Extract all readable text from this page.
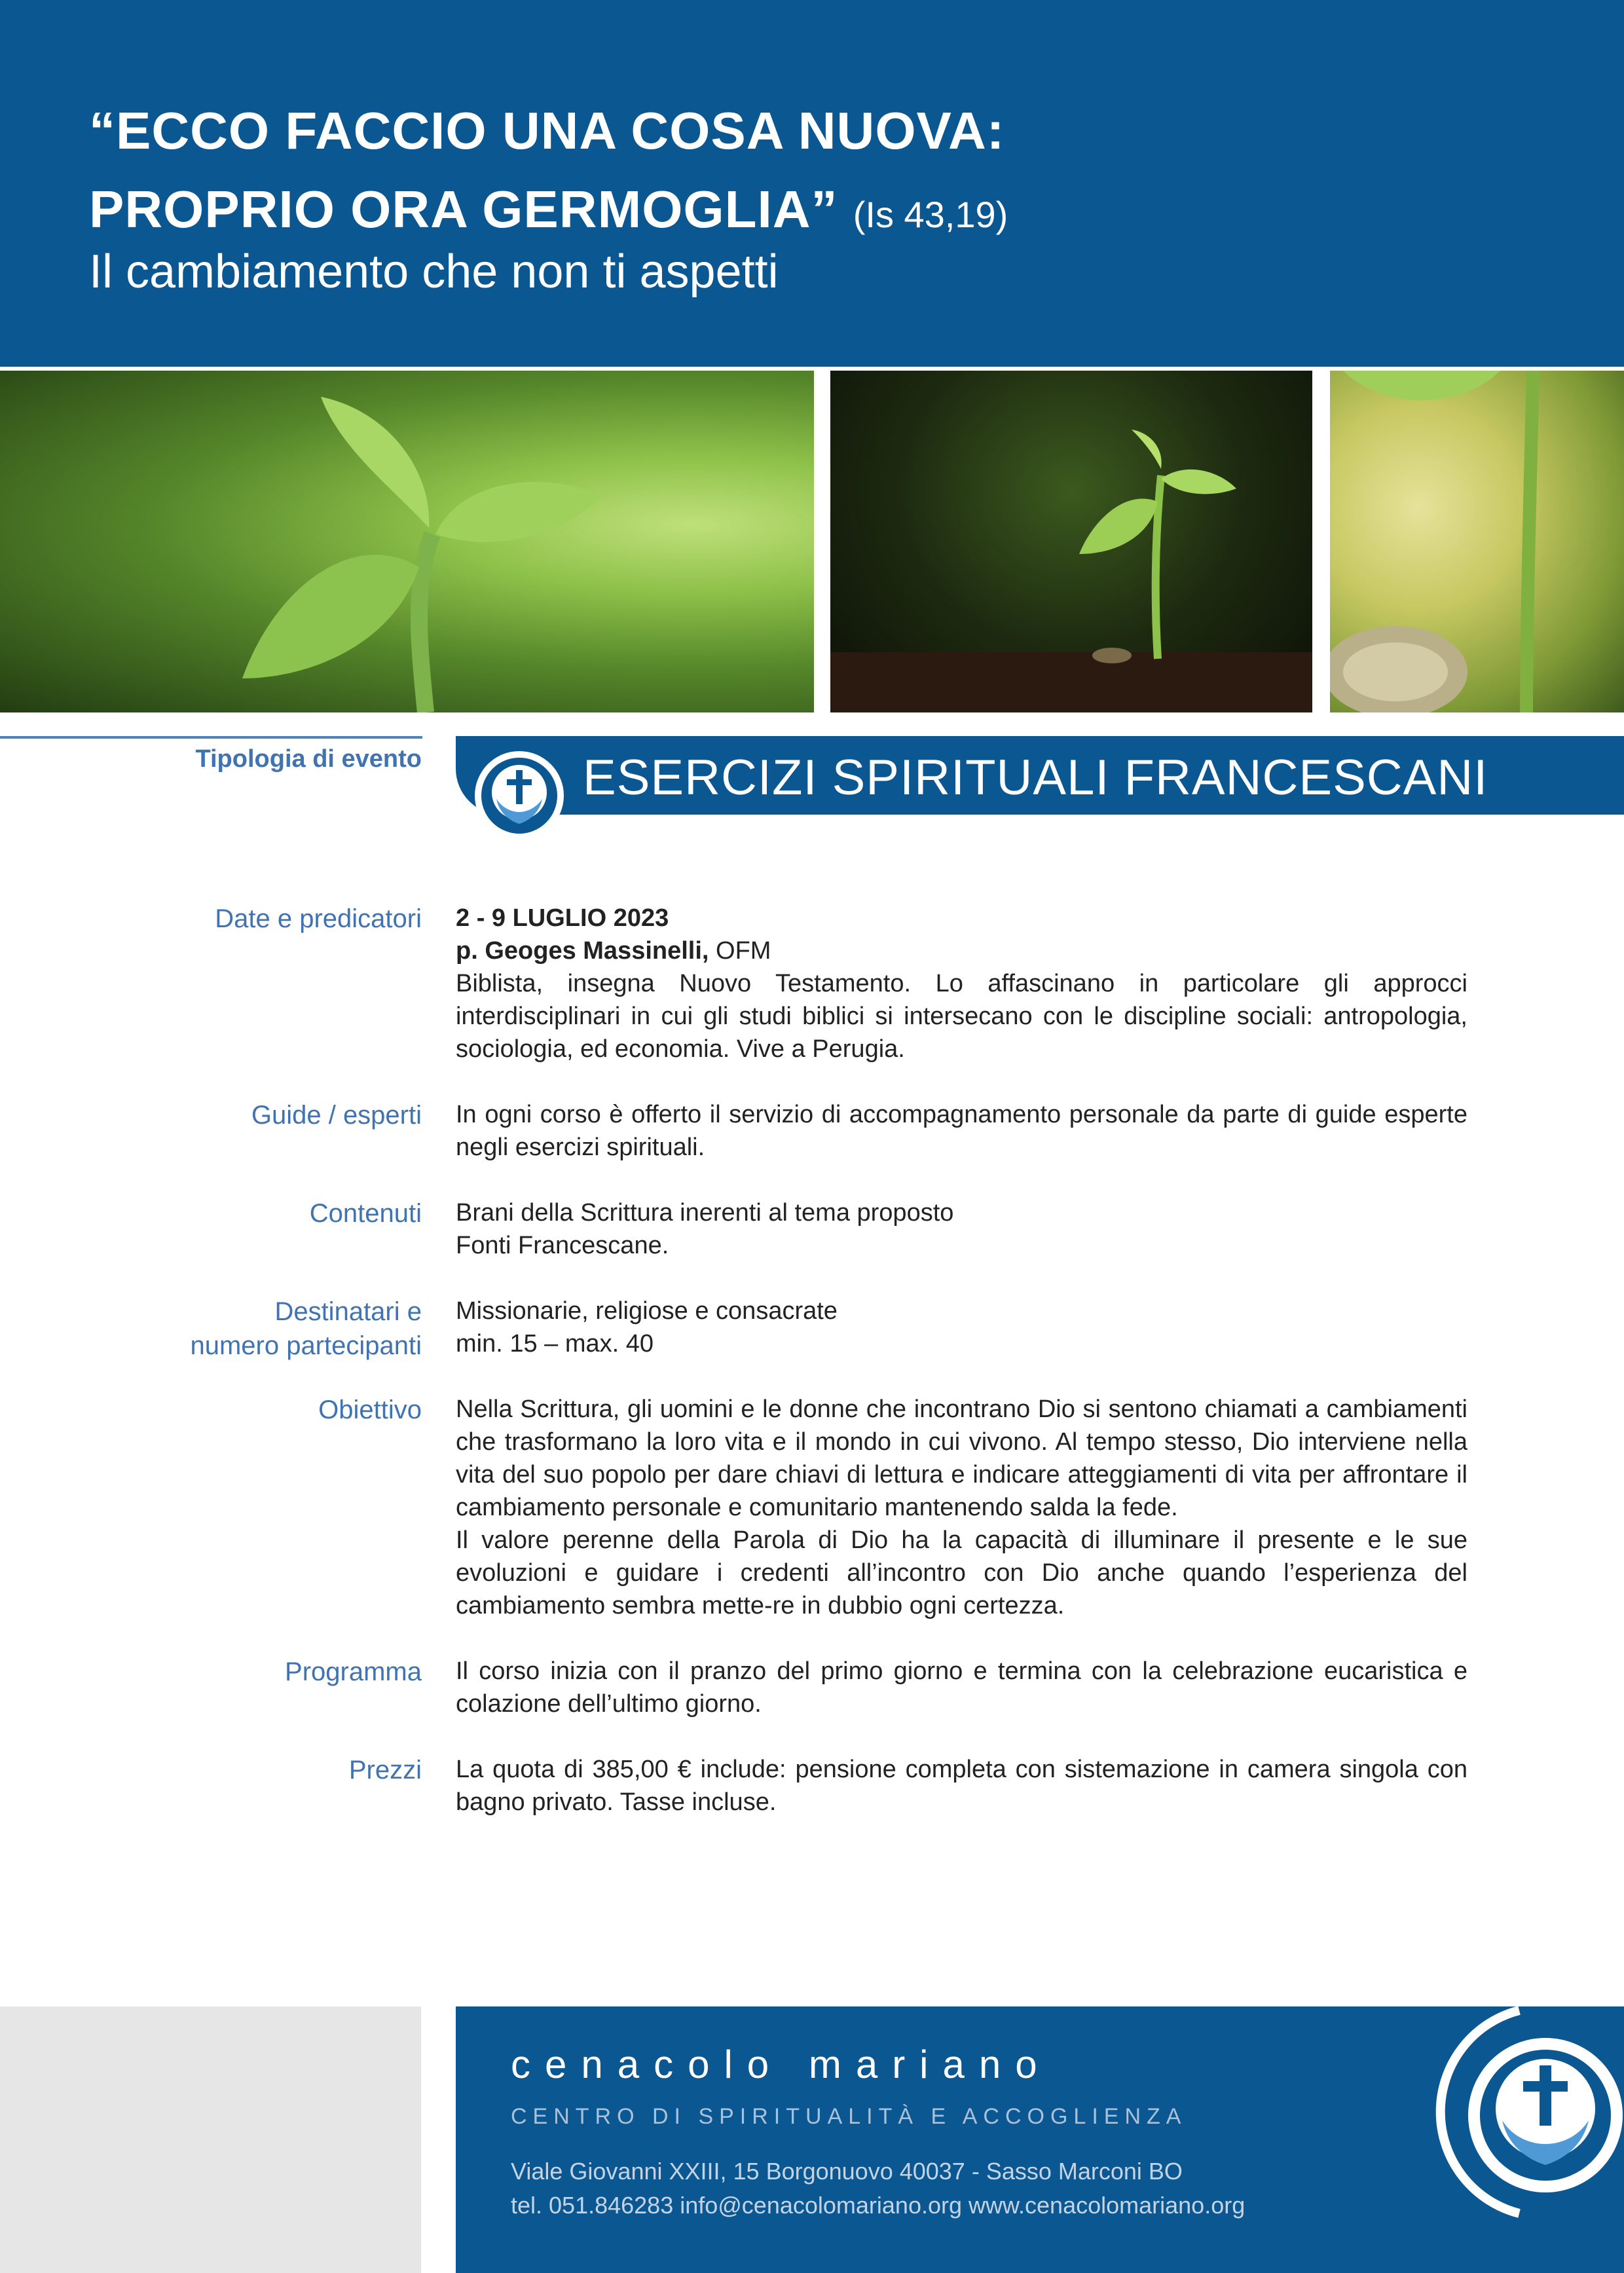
“ECCO FACCIO UNA COSA NUOVA:
PROPRIO ORA GERMOGLIA” (Is 43,19)
Il cambiamento che non ti aspetti
Tipologia di evento	ESERCIZI SPIRITUALI FRANCESCANI
Date e predicatori 2 - 9 LUGLIO 2023

p. Geoges Massinelli, OFM

Biblista, insegna Nuovo Testamento. Lo affascinano in particolare gli approcci interdisciplinari in cui gli studi biblici si intersecano con le discipline sociali: antropologia, sociologia, ed economia. Vive a Perugia.

Guide / esperti In ogni corso è offerto il servizio di accompagnamento personale da parte di guide esperte negli esercizi spirituali.
Contenuti Brani della Scrittura inerenti al tema proposto

Fonti Francescane.

Destinatari e
numero partecipanti

Missionarie, religiose e consacrate

min. 15 – max. 40

Obiettivo Nella Scrittura, gli uomini e le donne che incontrano Dio si sentono chiamati a cambiamenti che trasformano la loro vita e il mondo in cui vivono. Al tempo stesso, Dio interviene nella vita del suo popolo per dare chiavi di lettura e indicare atteggiamenti di vita per affrontare il cambiamento personale e comunitario mantenendo salda la fede.

Il valore perenne della Parola di Dio ha la capacità di illuminare il presente e le sue evoluzioni e guidare i credenti all’incontro con Dio anche quando l’esperienza del cambiamento sembra mette-re in dubbio ogni certezza.

Programma Il corso inizia con il pranzo del primo giorno e termina con la celebrazione eucaristica e colazione dell’ultimo giorno.
Prezzi La quota di 385,00 € include: pensione completa con sistemazione in camera singola con bagno privato. Tasse incluse.
cenacolo mariano
CENTRO DI SPIRITUALITÀ E ACCOGLIENZA
Viale Giovanni XXIII, 15 Borgonuovo 40037 - Sasso Marconi BO
tel. 051.846283 info@cenacolomariano.org www.cenacolomariano.org
